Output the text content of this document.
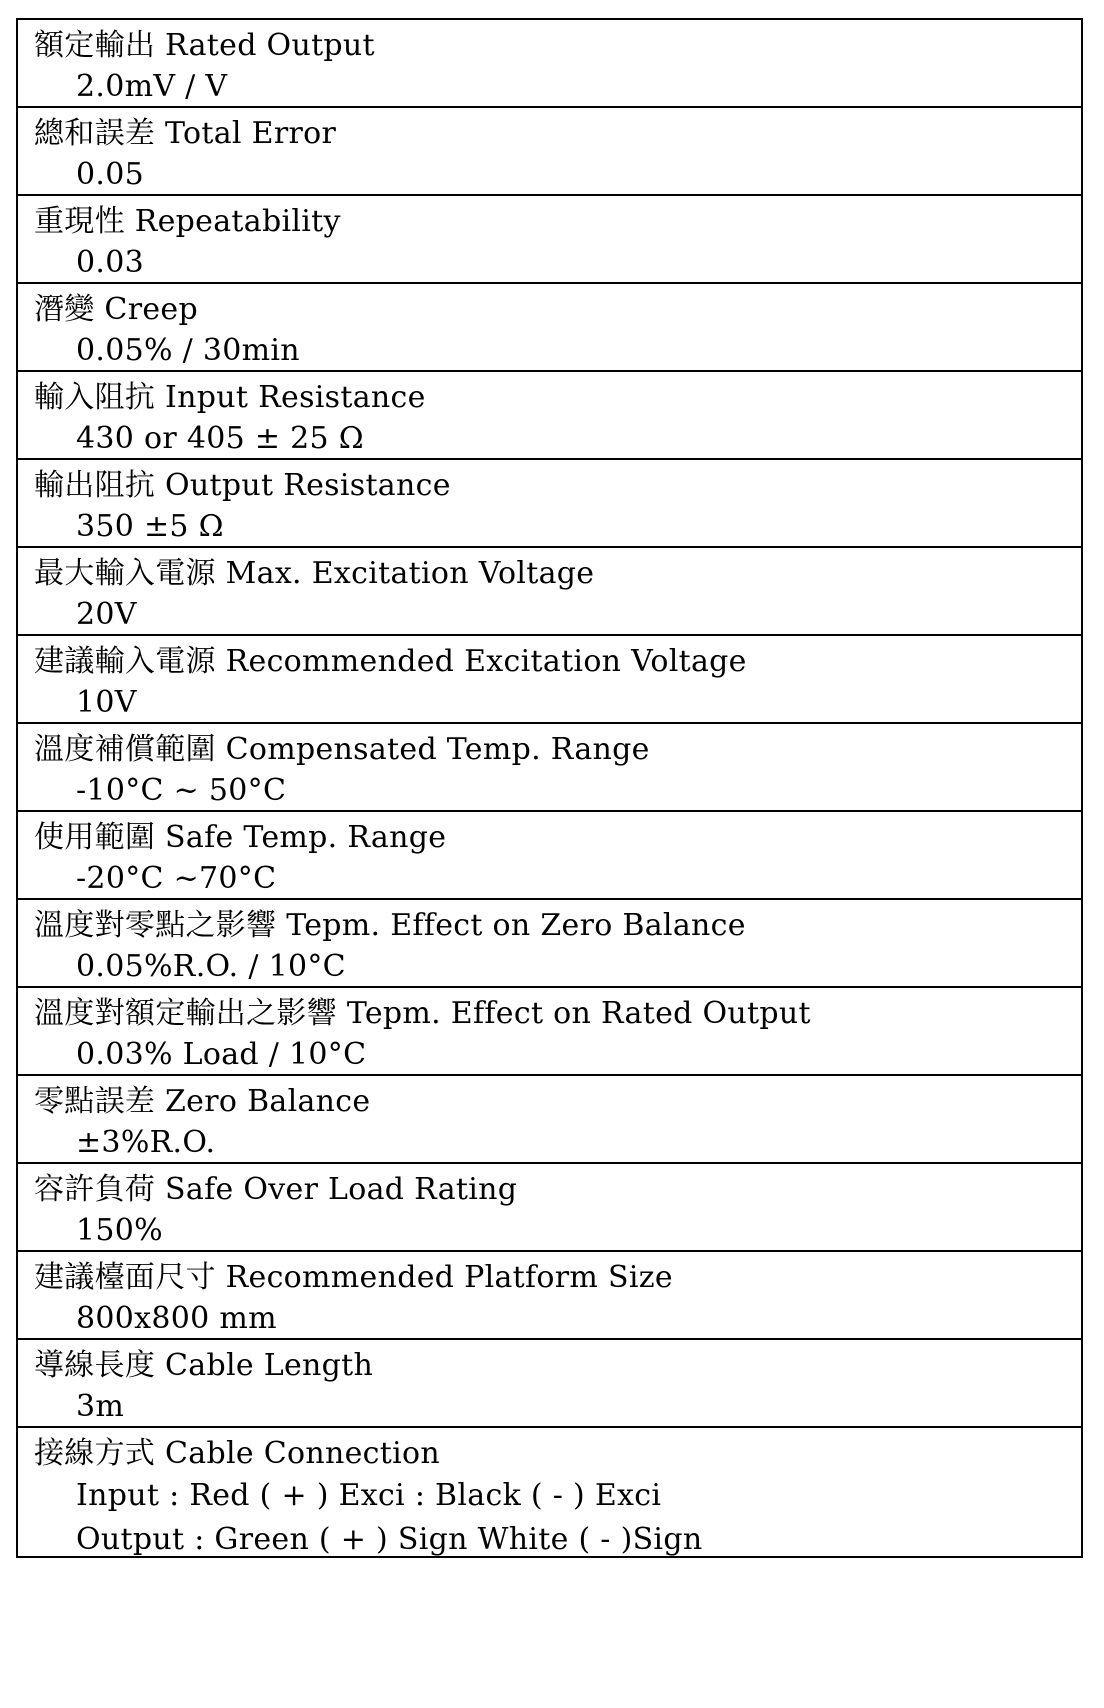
額定輸出 Rated Output
2.0mV / V
總和誤差 Total Error
0.05
重現性 Repeatability
0.03
潛變 Creep
0.05% / 30min
輸入阻抗 Input Resistance
430 or 405 ± 25 Ω
輸出阻抗 Output Resistance
350 ±5 Ω
最大輸入電源 Max. Excitation Voltage
20V
建議輸入電源 Recommended Excitation Voltage
10V
溫度補償範圍 Compensated Temp. Range
-10°C ~ 50°C
使用範圍 Safe Temp. Range
-20°C ~70°C
溫度對零點之影響 Tepm. Effect on Zero Balance
0.05%R.O. / 10°C
溫度對額定輸出之影響 Tepm. Effect on Rated Output
0.03% Load / 10°C
零點誤差 Zero Balance
±3%R.O.
容許負荷 Safe Over Load Rating
150%
建議檯面尺寸 Recommended Platform Size
800x800 mm
導線長度 Cable Length
3m
接線方式 Cable Connection
Input : Red ( + ) Exci : Black ( - ) Exci
Output : Green ( + ) Sign White ( - )Sign
